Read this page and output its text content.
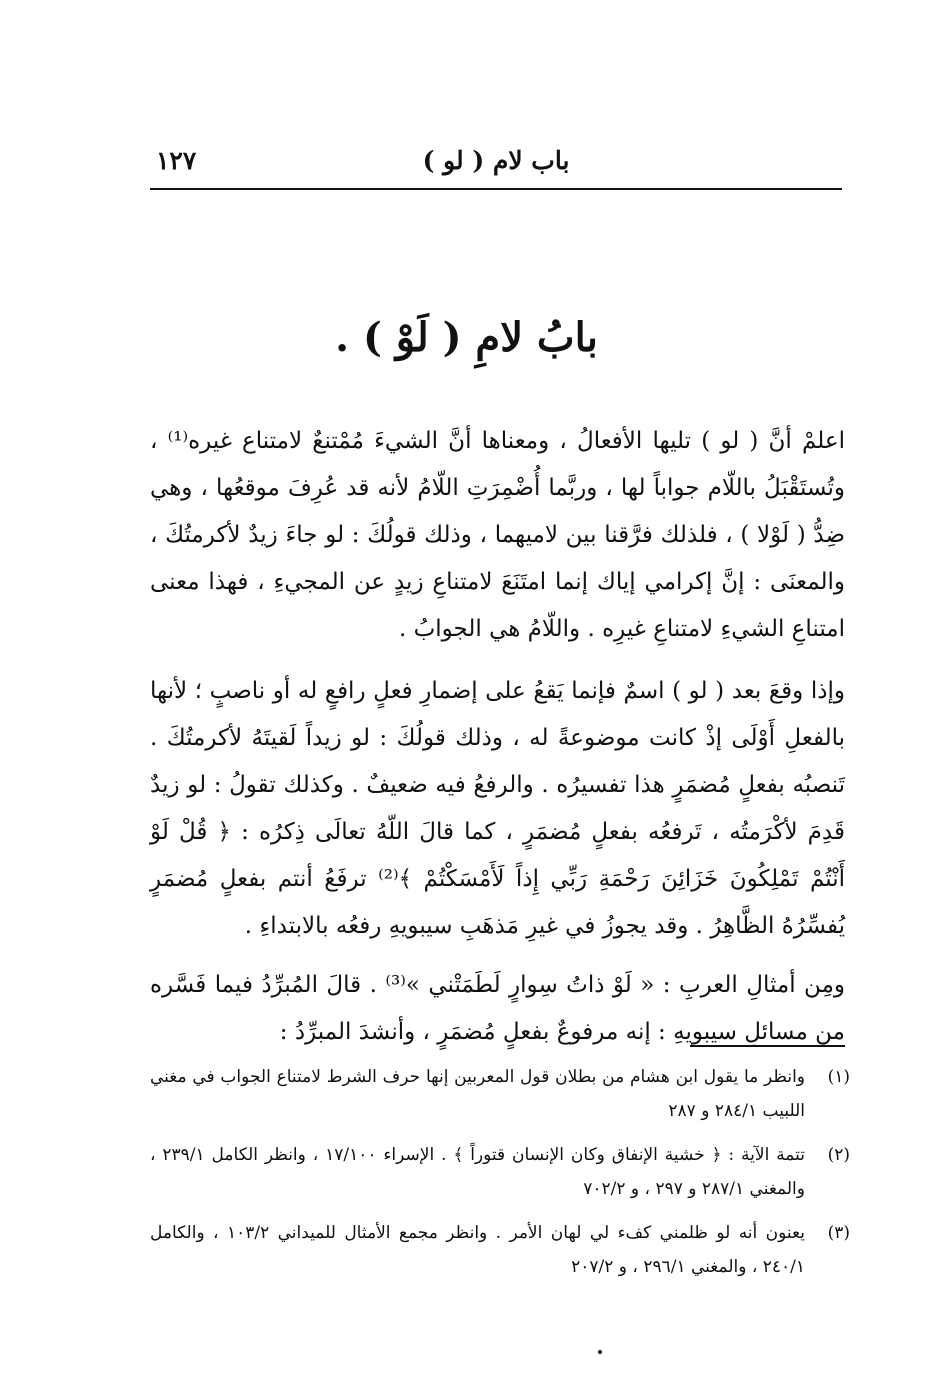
باب لام ( لو )
١٢٧
بابُ لامِ ( لَوْ ) .

اعلمْ أنَّ ( لو ) تليها الأفعالُ ، ومعناها أنَّ الشيءَ مُمْتنعٌ لامتناع غيره⁽¹⁾ ، وتُستَقْبَلُ باللّام جواباً لها ، وربَّما أُضْمِرَتِ اللّامُ لأنه قد عُرِفَ موقعُها ، وهي ضِدُّ ( لَوْلا ) ، فلذلك فرَّقنا بين لاميهما ، وذلك قولُكَ : لو جاءَ زيدٌ لأكرمتُكَ ، والمعنَى : إنَّ إكرامي إياك إنما امتَنَعَ لامتناعِ زيدٍ عن المجيءِ ، فهذا معنى امتناعِ الشيءِ لامتناعِ غيرِه . واللّامُ هي الجوابُ .

وإذا وقعَ بعد ( لو ) اسمٌ فإنما يَقعُ على إضمارِ فعلٍ رافعٍ له أو ناصبٍ ؛ لأنها بالفعلِ أَوْلَى إذْ كانت موضوعةً له ، وذلك قولُكَ : لو زيداً لَقيتَهُ لأكرمتُكَ . تَنصبُه بفعلٍ مُضمَرٍ هذا تفسيرُه . والرفعُ فيه ضعيفٌ . وكذلك تقولُ : لو زيدٌ قَدِمَ لأكْرَمتُه ، تَرفعُه بفعلٍ مُضمَرٍ ، كما قالَ اللّهُ تعالَى ذِكرُه : ﴿ قُلْ لَوْ أَنْتُمْ تَمْلِكُونَ خَزَائِنَ رَحْمَةِ رَبِّي إِذاً لَأَمْسَكْتُمْ ﴾⁽²⁾ ترفَعُ أنتم بفعلٍ مُضمَرٍ يُفسِّرُهُ الظَّاهِرُ . وقد يجوزُ في غيرِ مَذهَبِ سيبويهِ رفعُه بالابتداءِ .

ومِن أمثالِ العربِ : « لَوْ ذاتُ سِوارٍ لَطَمَتْني »⁽³⁾ . قالَ المُبرِّدُ فيما فَسَّره من مسائلِ سيبويهِ : إنه مرفوعٌ بفعلٍ مُضمَرٍ ، وأنشدَ المبرِّدُ :

(١)
وانظر ما يقول ابن هشام من بطلان قول المعربين إنها حرف الشرط لامتناع الجواب في مغني اللبيب ٢٨٤/١ و ٢٨٧
(٢)
تتمة الآية : ﴿ خشية الإنفاق وكان الإنسان قتوراً ﴾ . الإسراء ١٧/١٠٠ ، وانظر الكامل ٢٣٩/١ ، والمغني ٢٨٧/١ و ٢٩٧ ، و ٧٠٢/٢
(٣)
يعنون أنه لو ظلمني كفء لي لهان الأمر . وانظر مجمع الأمثال للميداني ١٠٣/٢ ، والكامل ٢٤٠/١ ، والمغني ٢٩٦/١ ، و ٢٠٧/٢
